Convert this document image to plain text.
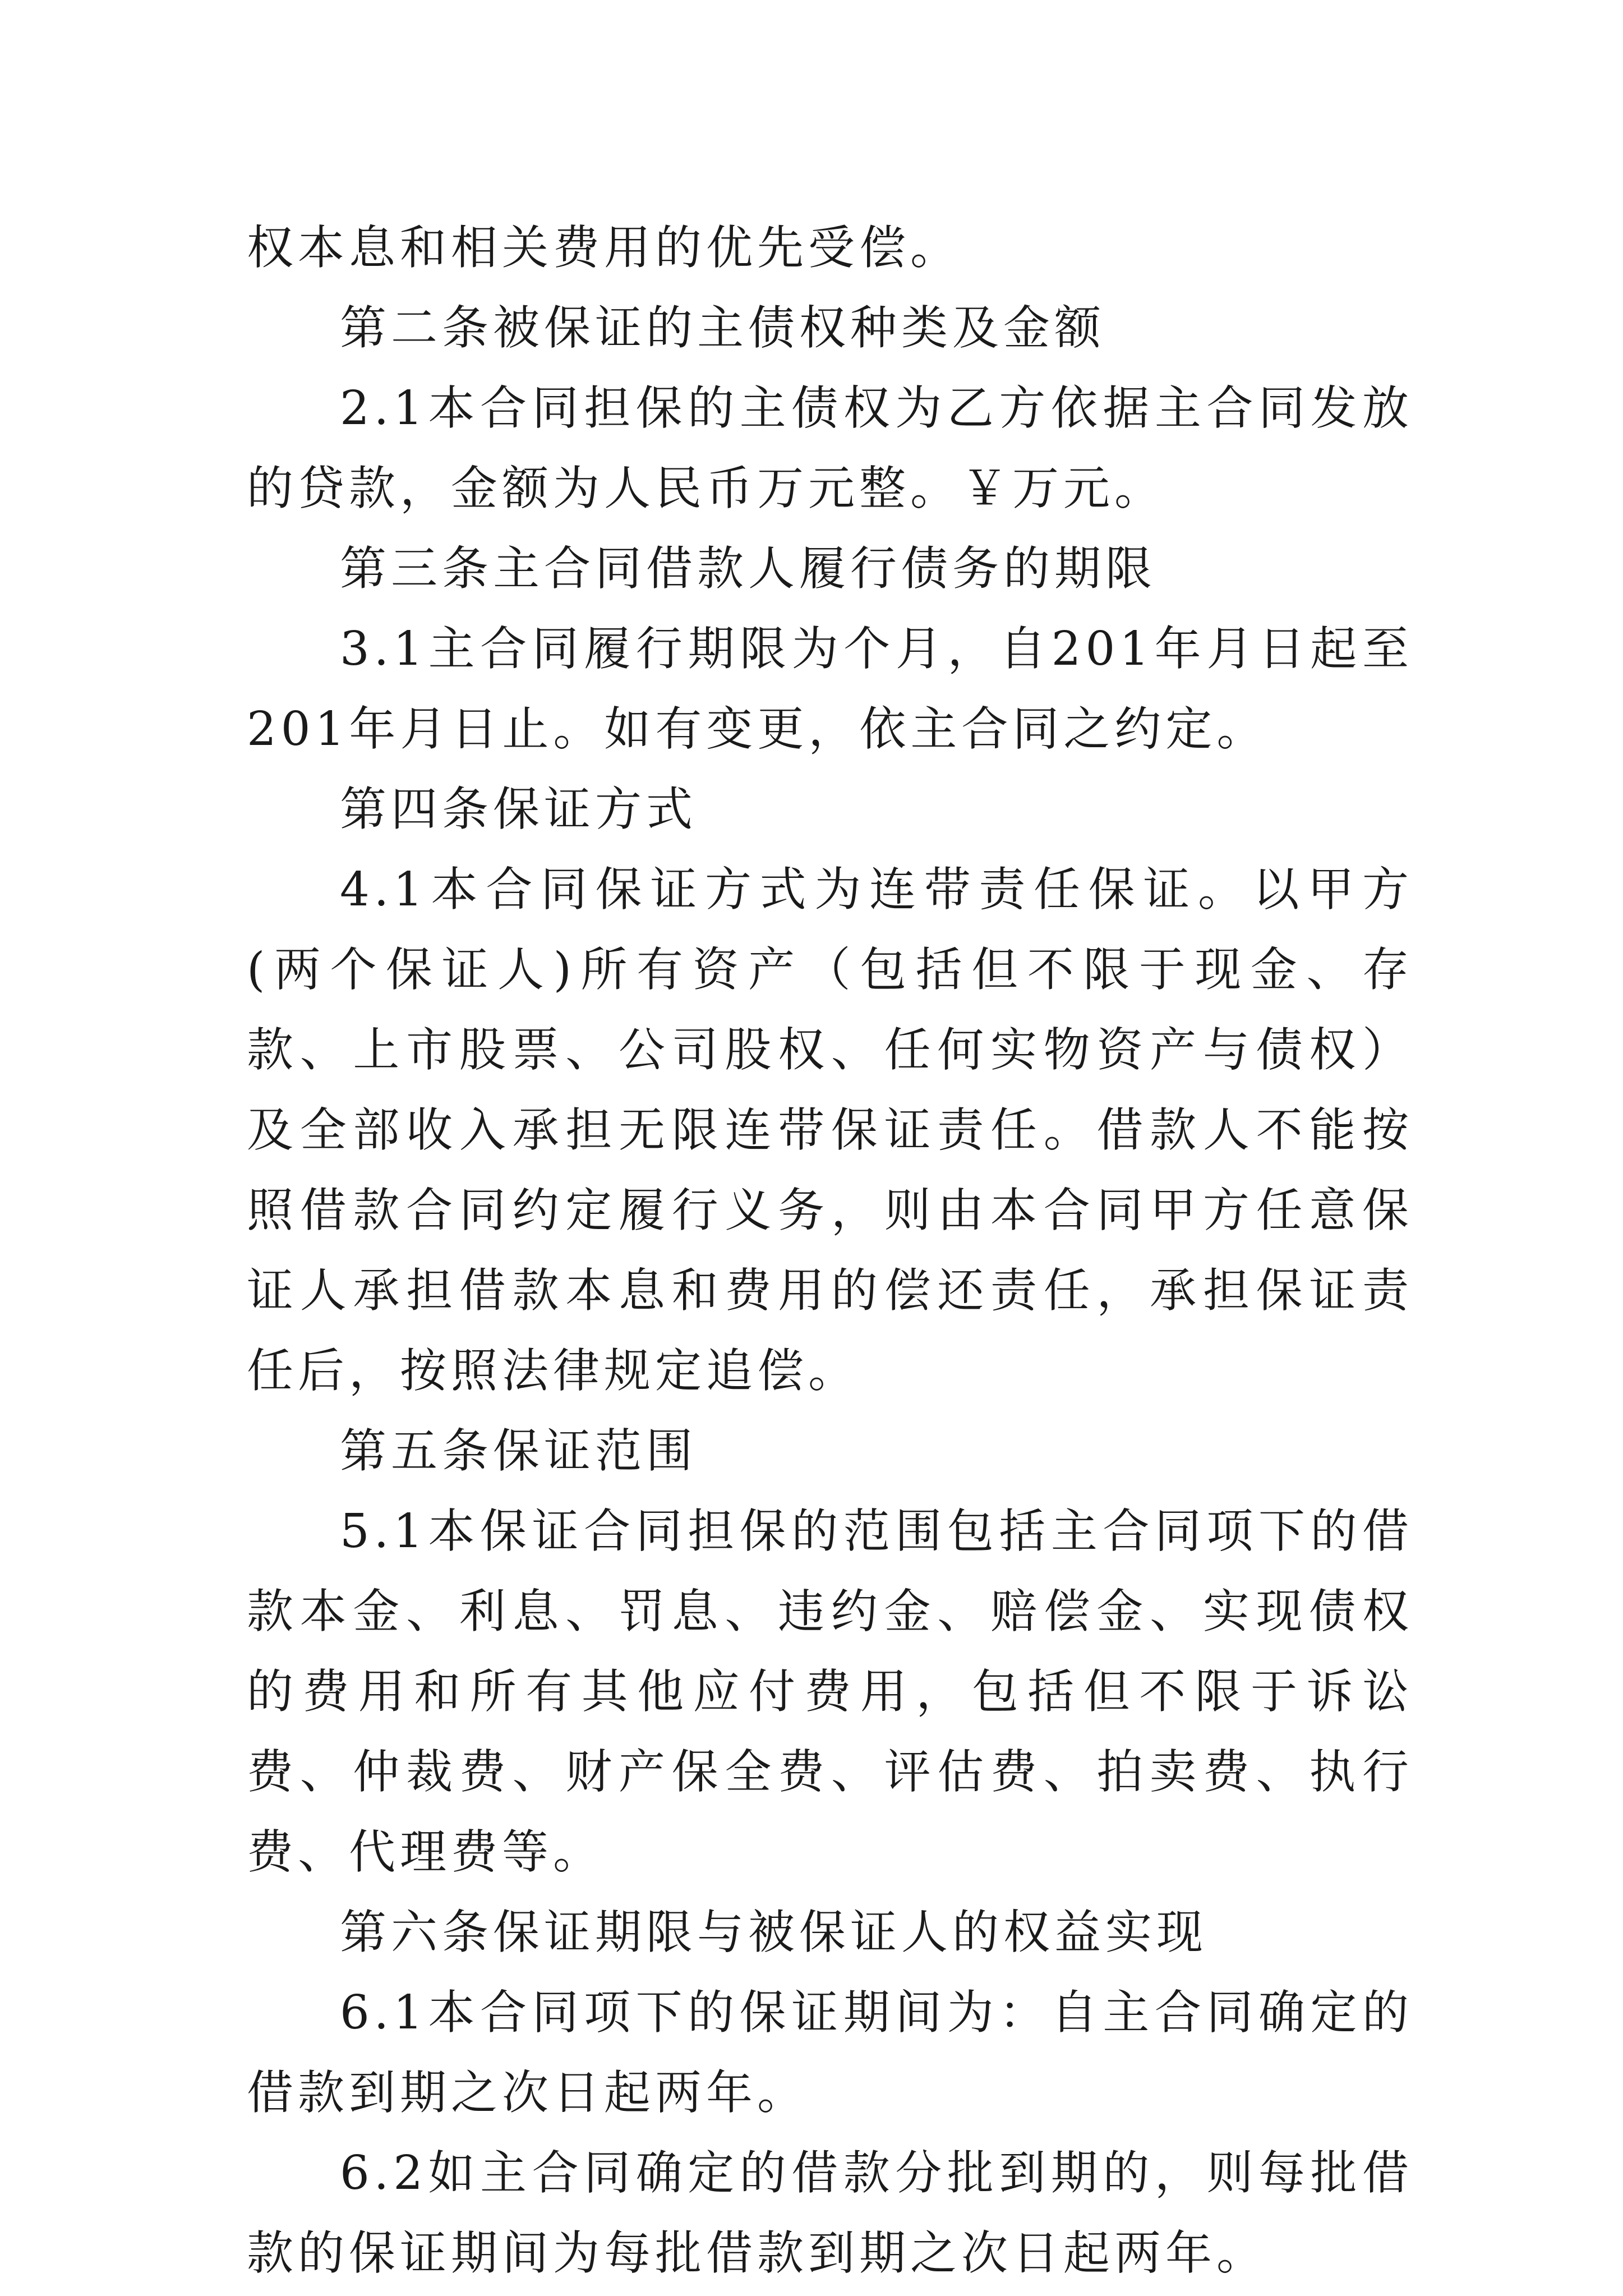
权本息和相关费用的优先受偿。

第二条被保证的主债权种类及金额

2.1本合同担保的主债权为乙方依据主合同发放的贷款，金额为人民币万元整。￥万元。

第三条主合同借款人履行债务的期限

3.1主合同履行期限为个月，自201年月日起至201年月日止。如有变更，依主合同之约定。

第四条保证方式

4.1本合同保证方式为连带责任保证。以甲方(两个保证人)所有资产（包括但不限于现金、存款、上市股票、公司股权、任何实物资产与债权）及全部收入承担无限连带保证责任。借款人不能按照借款合同约定履行义务，则由本合同甲方任意保证人承担借款本息和费用的偿还责任，承担保证责任后，按照法律规定追偿。

第五条保证范围

5.1本保证合同担保的范围包括主合同项下的借款本金、利息、罚息、违约金、赔偿金、实现债权的费用和所有其他应付费用，包括但不限于诉讼费、仲裁费、财产保全费、评估费、拍卖费、执行费、代理费等。

第六条保证期限与被保证人的权益实现

6.1本合同项下的保证期间为：自主合同确定的借款到期之次日起两年。

6.2如主合同确定的借款分批到期的，则每批借款的保证期间为每批借款到期之次日起两年。
